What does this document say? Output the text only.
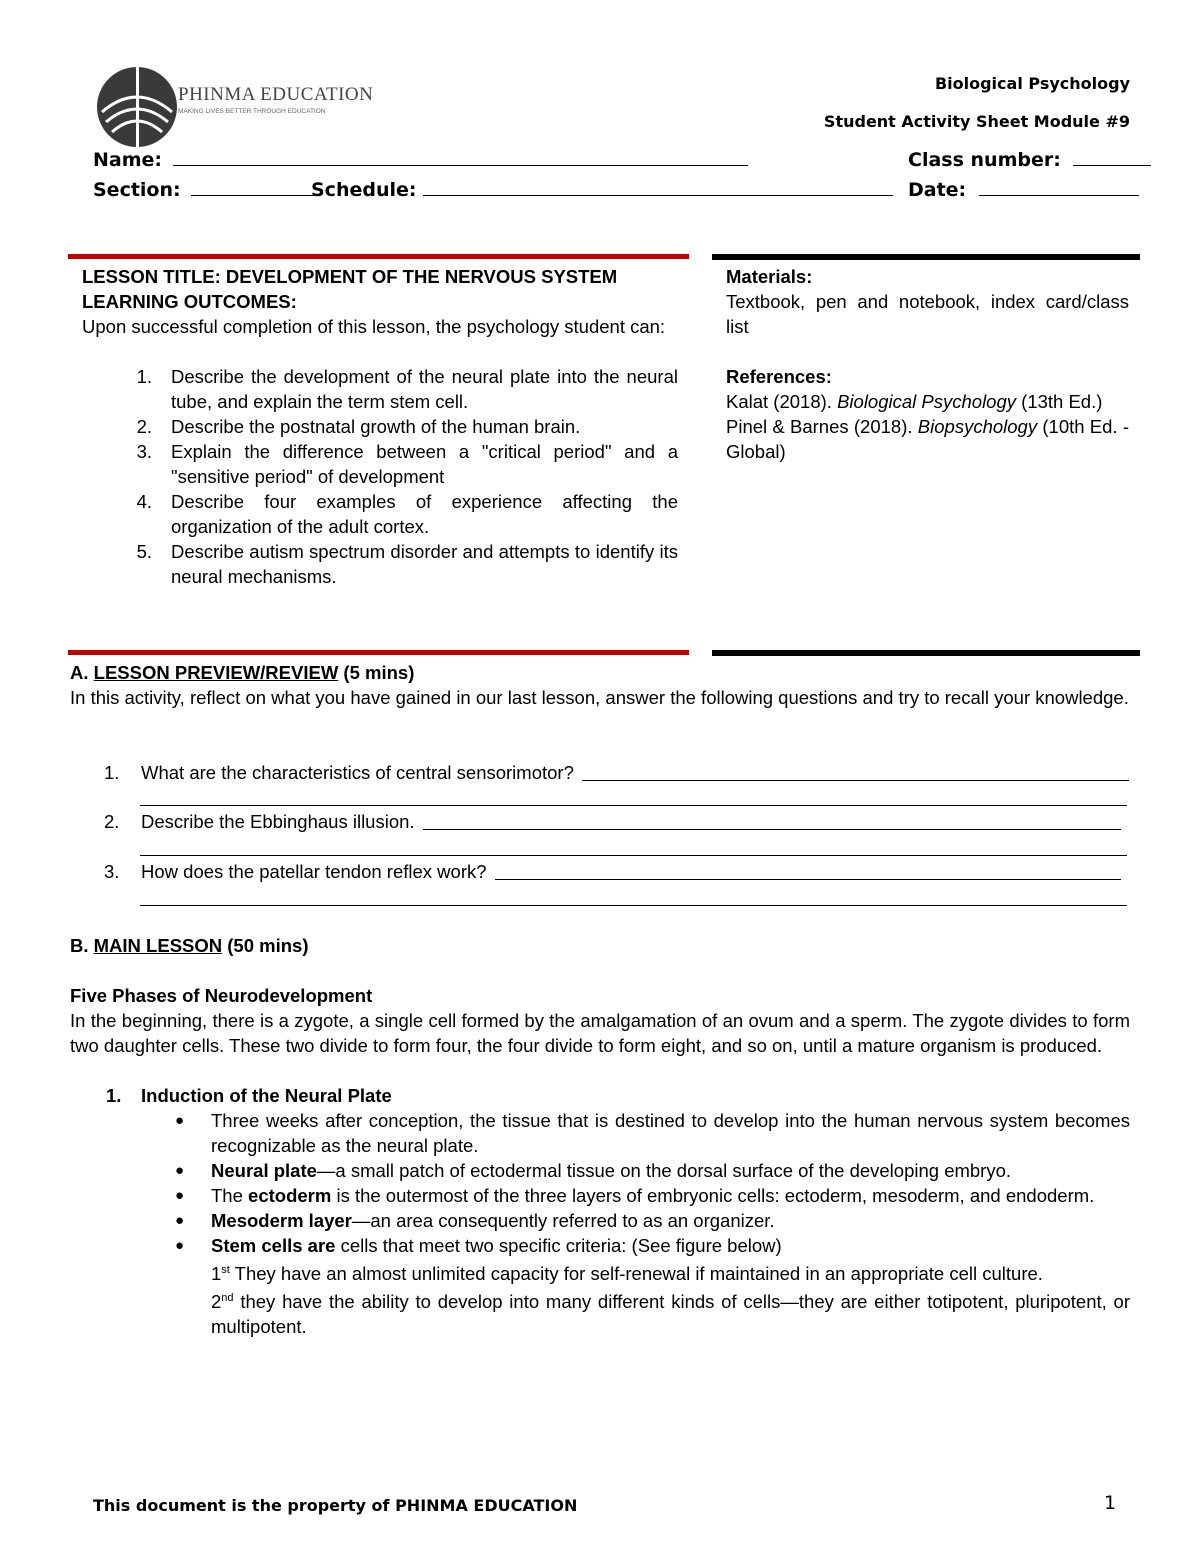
PHINMA EDUCATION
MAKING LIVES BETTER THROUGH EDUCATION
Biological Psychology
Student Activity Sheet Module #9
Name:	Class number:
Section:	Schedule:	Date:
LESSON TITLE: DEVELOPMENT OF THE NERVOUS SYSTEM
LEARNING OUTCOMES:
Upon successful completion of this lesson, the psychology student can:
1.	Describe the development of the neural plate into the neural tube, and explain the term stem cell.
2.	Describe the postnatal growth of the human brain.
3.	Explain the difference between a "critical period" and a "sensitive period" of development
4.	Describe four examples of experience affecting the organization of the adult cortex.
5.	Describe autism spectrum disorder and attempts to identify its neural mechanisms.
Materials:
Textbook, pen and notebook, index card/class list
References:
Kalat (2018). Biological Psychology (13th Ed.)
Pinel & Barnes (2018). Biopsychology (10th Ed. - Global)
A. LESSON PREVIEW/REVIEW (5 mins)
In this activity, reflect on what you have gained in our last lesson, answer the following questions and try to recall your knowledge.
1.	What are the characteristics of central sensorimotor?
2.	Describe the Ebbinghaus illusion.
3.	How does the patellar tendon reflex work?
B. MAIN LESSON (50 mins)
Five Phases of Neurodevelopment
In the beginning, there is a zygote, a single cell formed by the amalgamation of an ovum and a sperm. The zygote divides to form two daughter cells. These two divide to form four, the four divide to form eight, and so on, until a mature organism is produced.
1.	Induction of the Neural Plate
●	Three weeks after conception, the tissue that is destined to develop into the human nervous system becomes recognizable as the neural plate.
●	Neural plate—a small patch of ectodermal tissue on the dorsal surface of the developing embryo.
●	The ectoderm is the outermost of the three layers of embryonic cells: ectoderm, mesoderm, and endoderm.
●	Mesoderm layer—an area consequently referred to as an organizer.
●	Stem cells are cells that meet two specific criteria: (See figure below)
1st They have an almost unlimited capacity for self-renewal if maintained in an appropriate cell culture.
2nd they have the ability to develop into many different kinds of cells—they are either totipotent, pluripotent, or multipotent.
This document is the property of PHINMA EDUCATION	1
